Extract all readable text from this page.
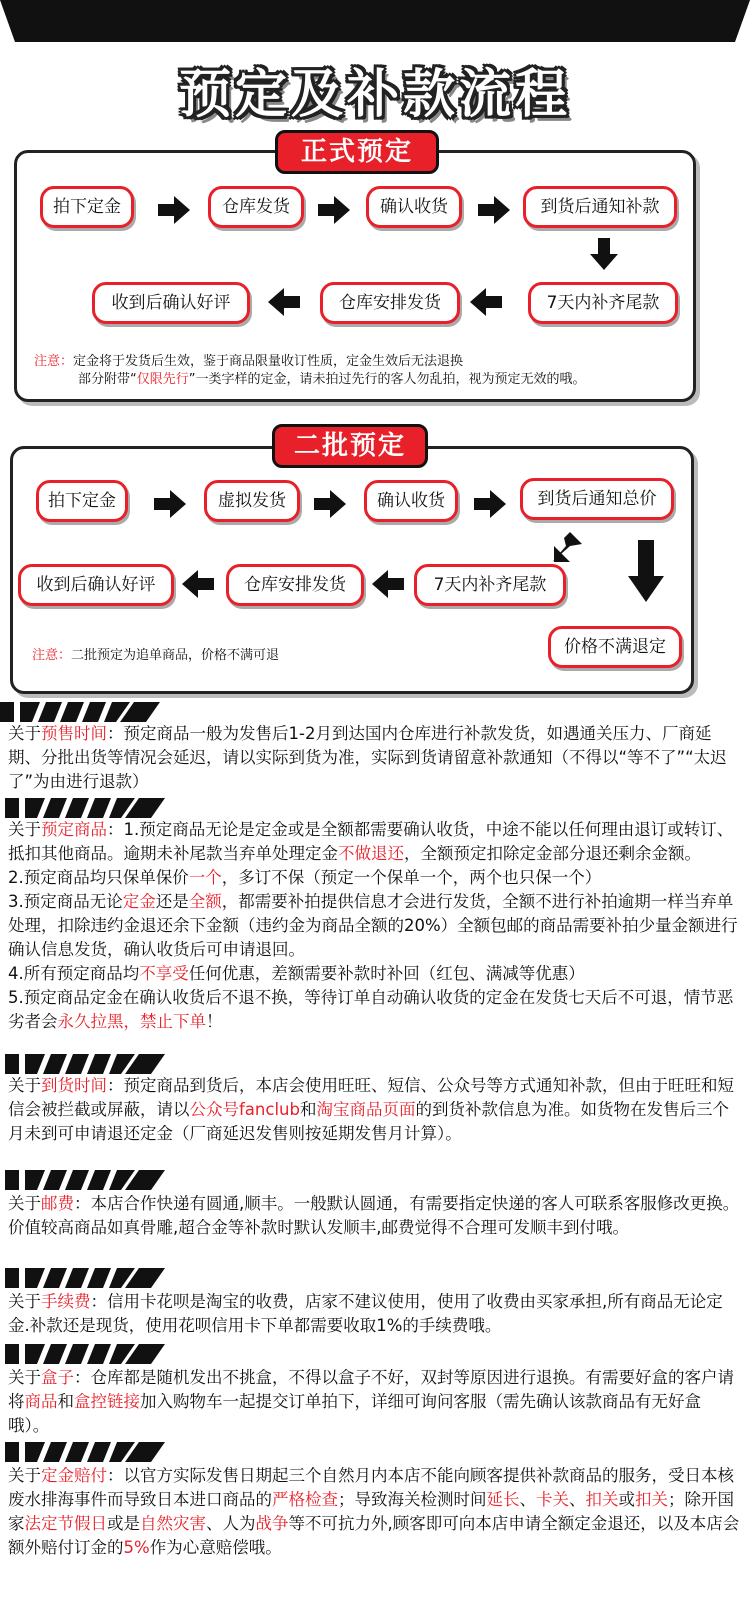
预定及补款流程
正式预定
拍下定金	仓库发货	确认收货	到货后通知补款
7天内补齐尾款
仓库安排发货
收到后确认好评
注意：定金将于发货后生效，鉴于商品限量收订性质，定金生效后无法退换
部分附带“仅限先行”一类字样的定金，请未拍过先行的客人勿乱拍，视为预定无效的哦。
二批预定
拍下定金	虚拟发货	确认收货	到货后通知总价
7天内补齐尾款
仓库安排发货
收到后确认好评
价格不满退定
注意：二批预定为追单商品，价格不满可退
关于预售时间：预定商品一般为发售后1-2月到达国内仓库进行补款发货，如遇通关压力、厂商延期、分批出货等情况会延迟，请以实际到货为准，实际到货请留意补款通知（不得以“等不了”“太迟了”为由进行退款）
关于预定商品：1.预定商品无论是定金或是全额都需要确认收货，中途不能以任何理由退订或转订、抵扣其他商品。逾期未补尾款当弃单处理定金不做退还，全额预定扣除定金部分退还剩余金额。
2.预定商品均只保单保价一个，多订不保（预定一个保单一个，两个也只保一个）
3.预定商品无论定金还是全额，都需要补拍提供信息才会进行发货，全额不进行补拍逾期一样当弃单处理，扣除违约金退还余下金额（违约金为商品全额的20%）全额包邮的商品需要补拍少量金额进行确认信息发货，确认收货后可申请退回。
4.所有预定商品均不享受任何优惠，差额需要补款时补回（红包、满减等优惠）
5.预定商品定金在确认收货后不退不换，等待订单自动确认收货的定金在发货七天后不可退，情节恶劣者会永久拉黑，禁止下单！
关于到货时间：预定商品到货后，本店会使用旺旺、短信、公众号等方式通知补款，但由于旺旺和短信会被拦截或屏蔽，请以公众号fanclub和淘宝商品页面的到货补款信息为准。如货物在发售后三个月未到可申请退还定金（厂商延迟发售则按延期发售月计算）。
关于邮费：本店合作快递有圆通,顺丰。一般默认圆通，有需要指定快递的客人可联系客服修改更换。价值较高商品如真骨雕,超合金等补款时默认发顺丰,邮费觉得不合理可发顺丰到付哦。
关于手续费：信用卡花呗是淘宝的收费，店家不建议使用，使用了收费由买家承担,所有商品无论定金.补款还是现货，使用花呗信用卡下单都需要收取1%的手续费哦。
关于盒子：仓库都是随机发出不挑盒，不得以盒子不好，双封等原因进行退换。有需要好盒的客户请将商品和盒控链接加入购物车一起提交订单拍下，详细可询问客服（需先确认该款商品有无好盒哦）。
关于定金赔付：以官方实际发售日期起三个自然月内本店不能向顾客提供补款商品的服务，受日本核废水排海事件而导致日本进口商品的严格检查；导致海关检测时间延长、卡关、扣关或扣关；除开国家法定节假日或是自然灾害、人为战争等不可抗力外,顾客即可向本店申请全额定金退还，以及本店会额外赔付订金的5%作为心意赔偿哦。
